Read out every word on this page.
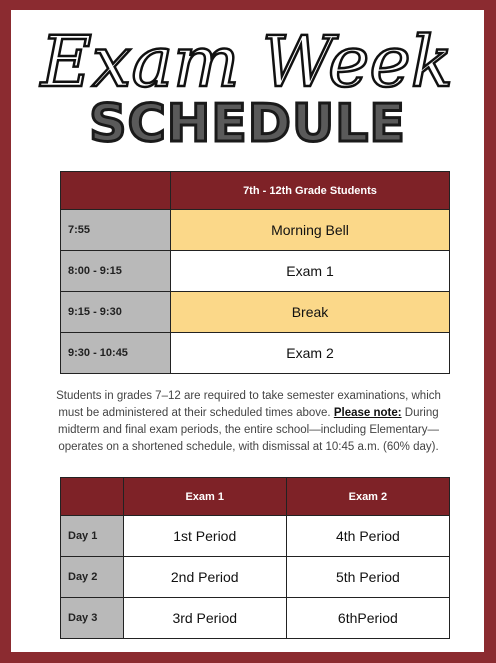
Exam Week
SCHEDULE
	7th - 12th Grade Students
7:55	Morning Bell
8:00 - 9:15	Exam 1
9:15 - 9:30	Break
9:30 - 10:45	Exam 2
Students in grades 7–12 are required to take semester examinations, which must be administered at their scheduled times above. Please note: During midterm and final exam periods, the entire school—including Elementary—operates on a shortened schedule, with dismissal at 10:45 a.m. (60% day).
	Exam 1	Exam 2
Day 1	1st Period	4th Period
Day 2	2nd Period	5th Period
Day 3	3rd Period	6thPeriod
